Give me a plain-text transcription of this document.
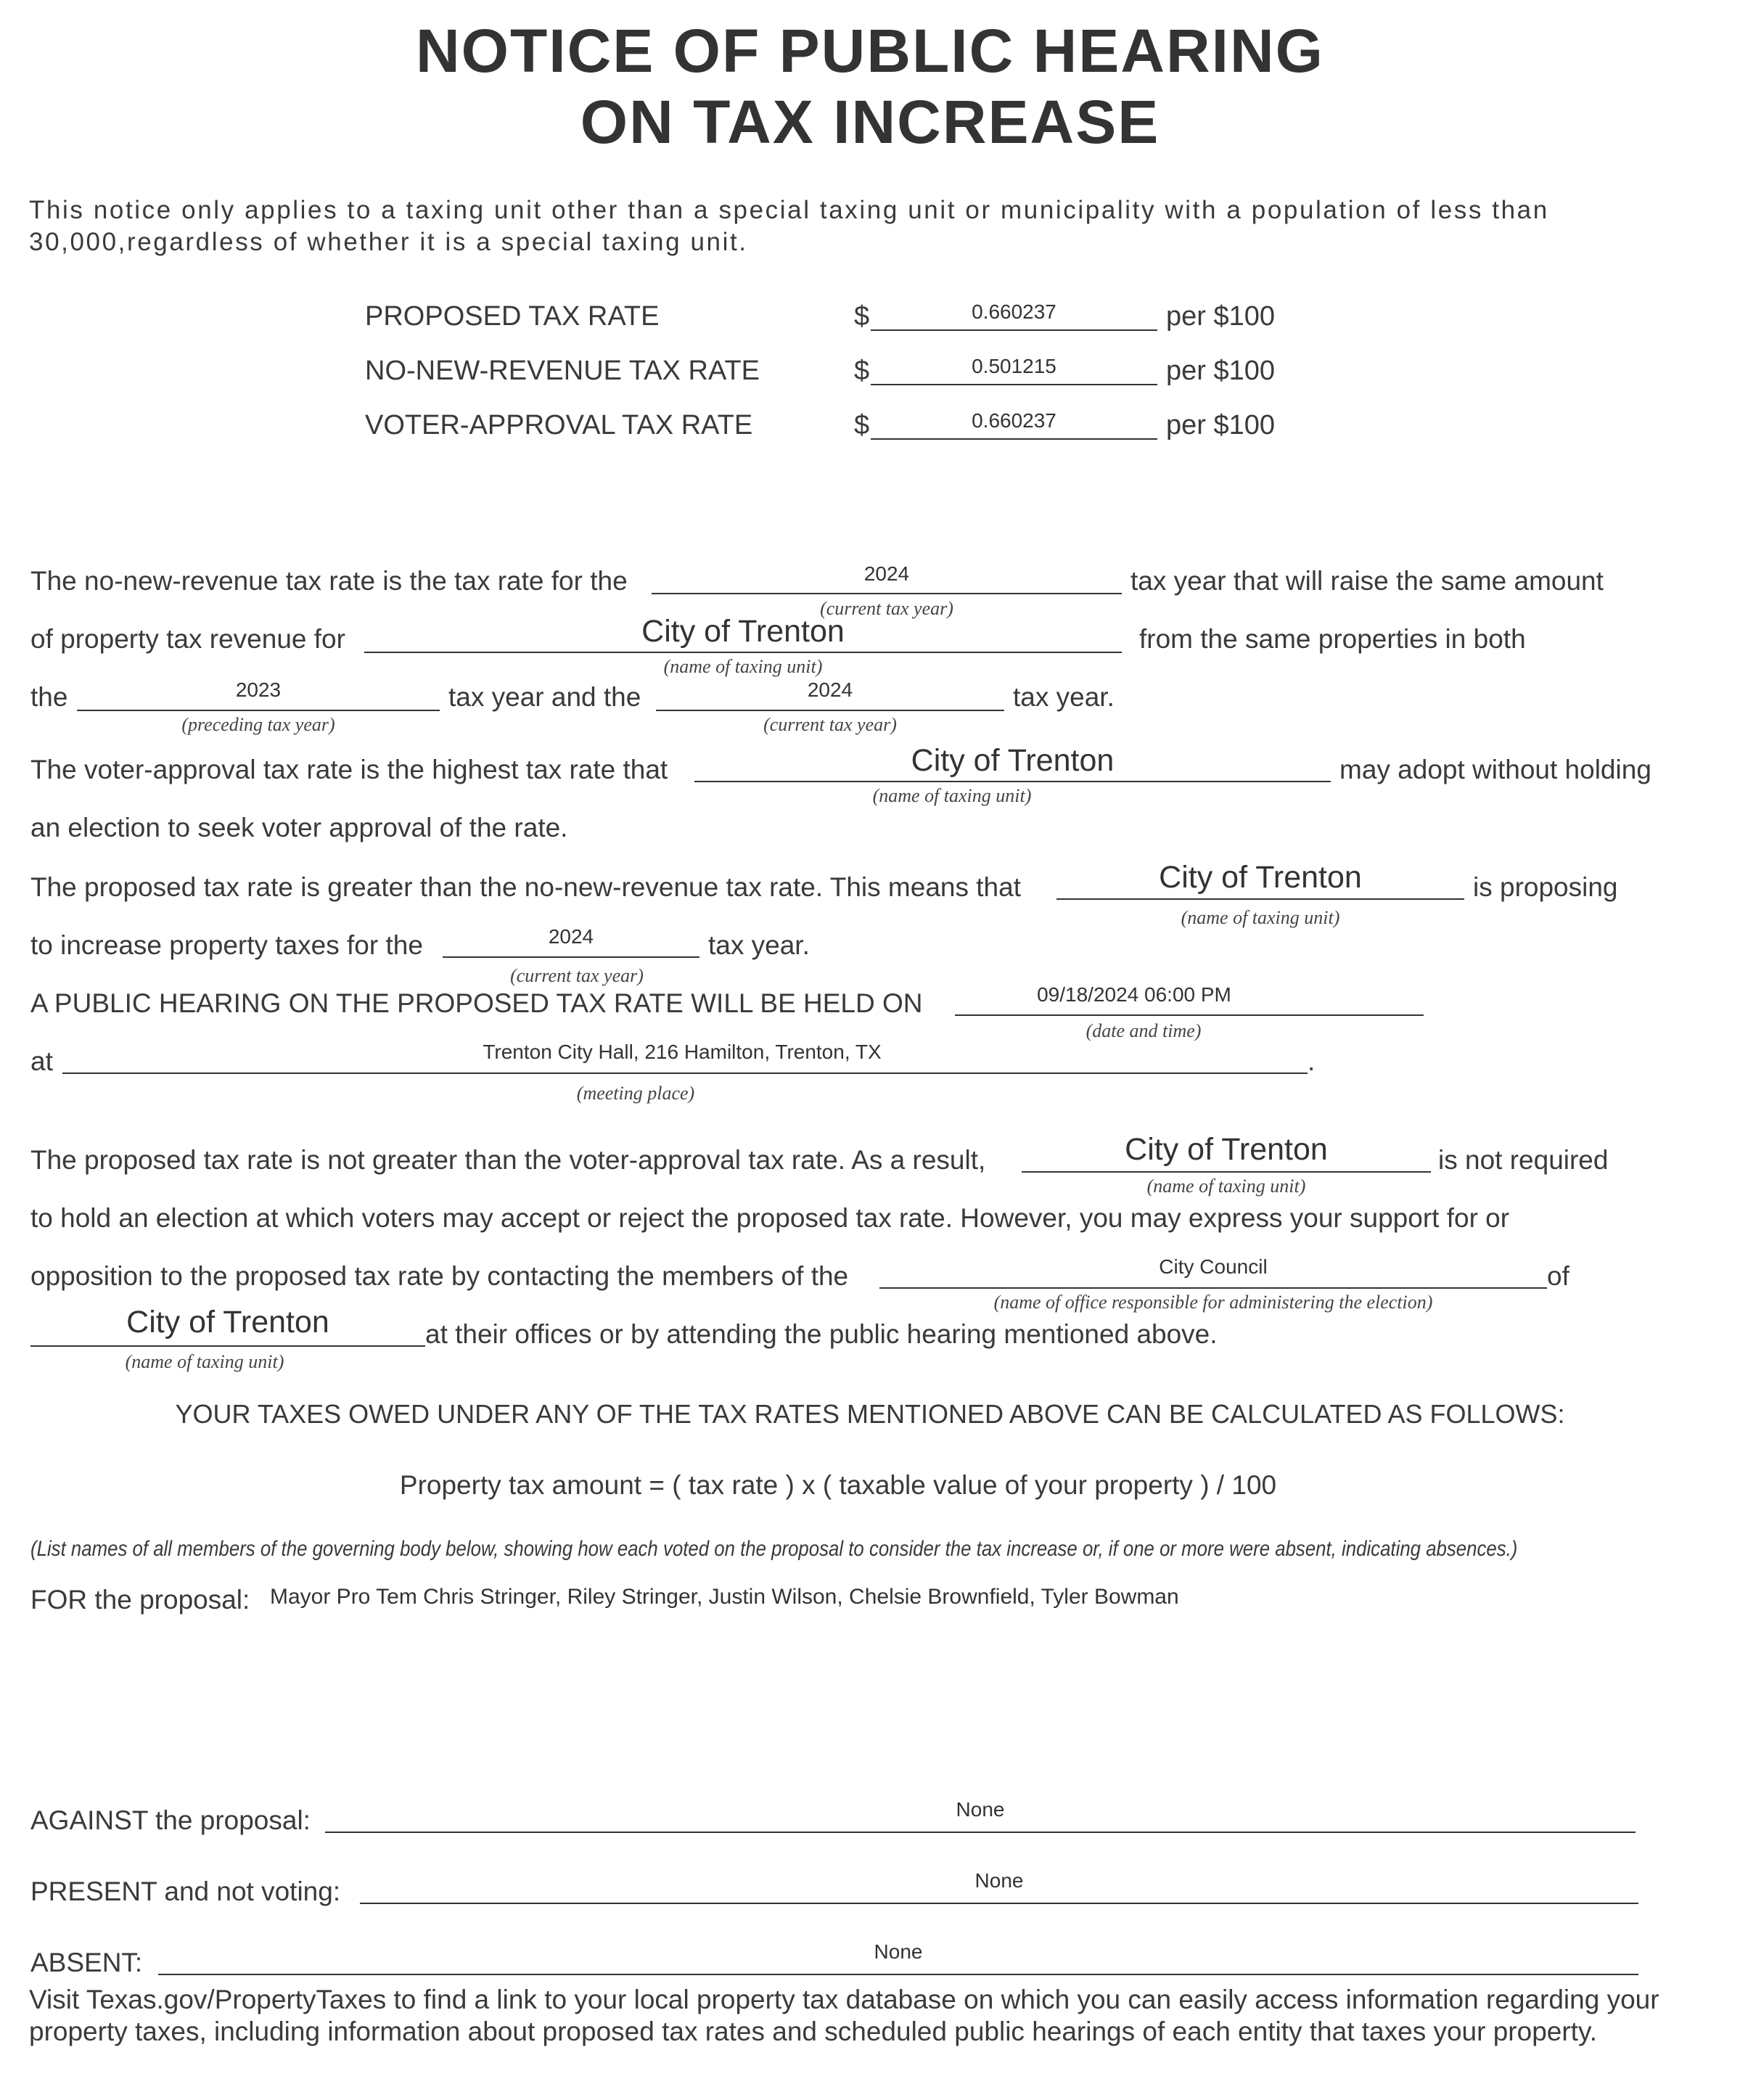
NOTICE OF PUBLIC HEARING
ON TAX INCREASE
This notice only applies to a taxing unit other than a special taxing unit or municipality with a population of less than 30,000,regardless of whether it is a special taxing unit.
PROPOSED TAX RATE	$	0.660237	per $100
NO-NEW-REVENUE TAX RATE	$	0.501215	per $100
VOTER-APPROVAL TAX RATE	$	0.660237	per $100
The no-new-revenue tax rate is the tax rate for the	2024
(current tax year)
tax year that will raise the same amount
of property tax revenue for	City of Trenton
(name of taxing unit)
from the same properties in both
the	2023
(preceding tax year)
tax year and the	2024
(current tax year)
tax year.
The voter-approval tax rate is the highest tax rate that	City of Trenton
(name of taxing unit)
may adopt without holding
an election to seek voter approval of the rate.
The proposed tax rate is greater than the no-new-revenue tax rate. This means that	City of Trenton
(name of taxing unit)
is proposing
to increase property taxes for the	2024
(current tax year)
tax year.
A PUBLIC HEARING ON THE PROPOSED TAX RATE WILL BE HELD ON	09/18/2024 06:00 PM
(date and time)
at	Trenton City Hall, 216 Hamilton, Trenton, TX	.
(meeting place)
The proposed tax rate is not greater than the voter-approval tax rate. As a result,	City of Trenton
(name of taxing unit)
is not required
to hold an election at which voters may accept or reject the proposed tax rate. However, you may express your support for or
opposition to the proposed tax rate by contacting the members of the	City Council
(name of office responsible for administering the election)
of
City of Trenton
(name of taxing unit)
at their offices or by attending the public hearing mentioned above.
YOUR TAXES OWED UNDER ANY OF THE TAX RATES MENTIONED ABOVE CAN BE CALCULATED AS FOLLOWS:
Property tax amount = ( tax rate ) x ( taxable value of your property ) / 100
(List names of all members of the governing body below, showing how each voted on the proposal to consider the tax increase or, if one or more were absent, indicating absences.)
FOR the proposal: Mayor Pro Tem Chris Stringer, Riley Stringer, Justin Wilson, Chelsie Brownfield, Tyler Bowman
AGAINST the proposal:	None
PRESENT and not voting:	None
ABSENT:	None
Visit Texas.gov/PropertyTaxes to find a link to your local property tax database on which you can easily access information regarding your property taxes, including information about proposed tax rates and scheduled public hearings of each entity that taxes your property.
